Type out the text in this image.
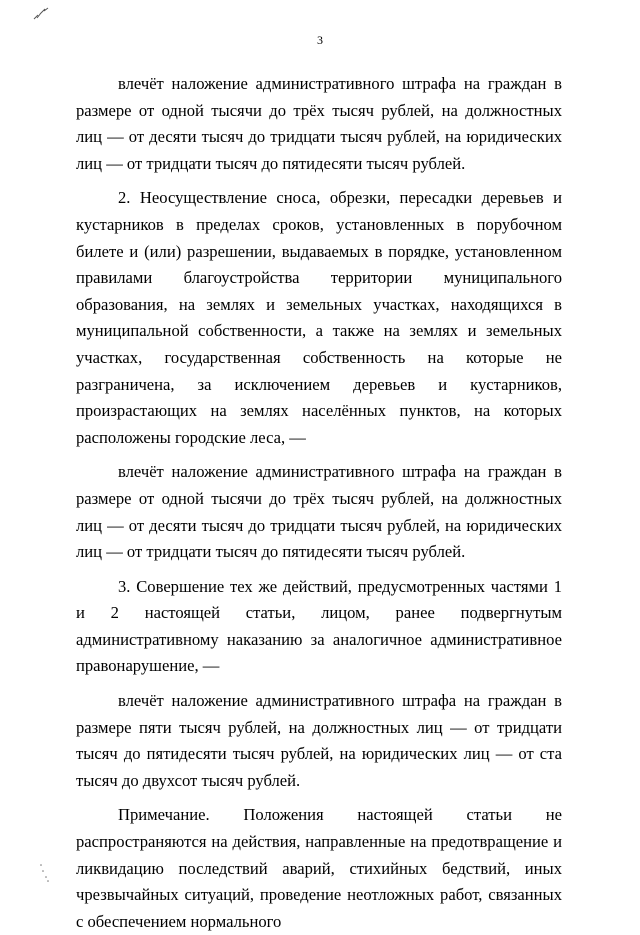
3

влечёт наложение административного штрафа на граждан в размере от одной тысячи до трёх тысяч рублей, на должностных лиц — от десяти тысяч до тридцати тысяч рублей, на юридических лиц — от тридцати тысяч до пятидесяти тысяч рублей.

2. Неосуществление сноса, обрезки, пересадки деревьев и кустарников в пределах сроков, установленных в порубочном билете и (или) разрешении, выдаваемых в порядке, установленном правилами благоустройства территории муниципального образования, на землях и земельных участках, находящихся в муниципальной собственности, а также на землях и земельных участках, государственная собственность на которые не разграничена, за исключением деревьев и кустарников, произрастающих на землях населённых пунктов, на которых расположены городские леса, —

влечёт наложение административного штрафа на граждан в размере от одной тысячи до трёх тысяч рублей, на должностных лиц — от десяти тысяч до тридцати тысяч рублей, на юридических лиц — от тридцати тысяч до пятидесяти тысяч рублей.

3. Совершение тех же действий, предусмотренных частями 1 и 2 настоящей статьи, лицом, ранее подвергнутым административному наказанию за аналогичное административное правонарушение, —

влечёт наложение административного штрафа на граждан в размере пяти тысяч рублей, на должностных лиц — от тридцати тысяч до пятидесяти тысяч рублей, на юридических лиц — от ста тысяч до двухсот тысяч рублей.

Примечание. Положения настоящей статьи не распространяются на действия, направленные на предотвращение и ликвидацию последствий аварий, стихийных бедствий, иных чрезвычайных ситуаций, проведение неотложных работ, связанных с обеспечением нормального
